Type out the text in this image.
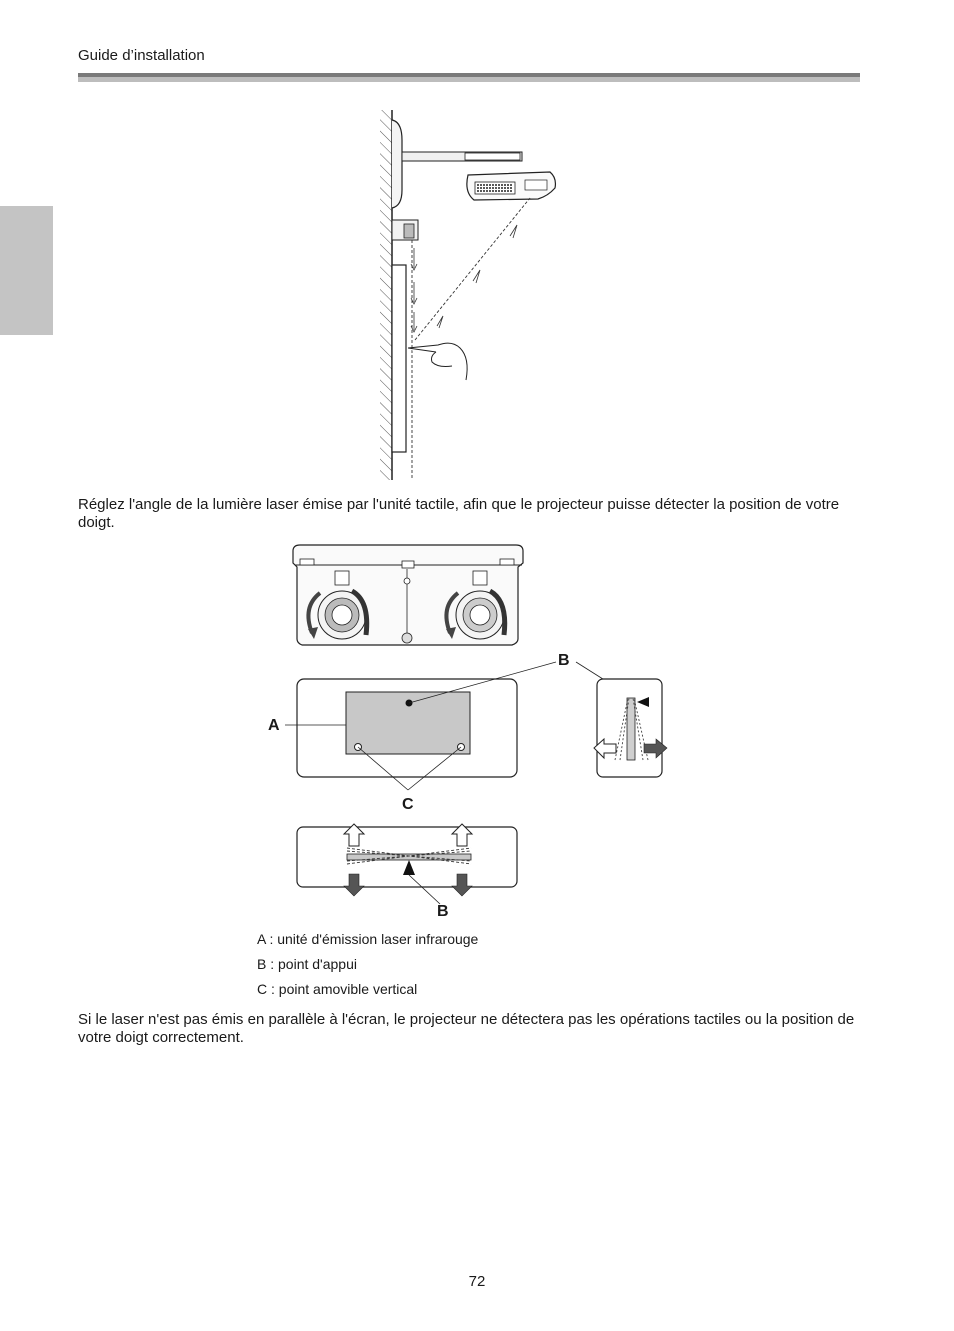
Guide d’installation

Réglez l'angle de la lumière laser émise par l'unité tactile, afin que le projecteur puisse détecter la position de votre doigt.

A
B
C
B

A : unité d'émission laser infrarouge

B : point d'appui

C : point amovible vertical

Si le laser n'est pas émis en parallèle à l'écran, le projecteur ne détectera pas les opérations tactiles ou la position de votre doigt correctement.

72
